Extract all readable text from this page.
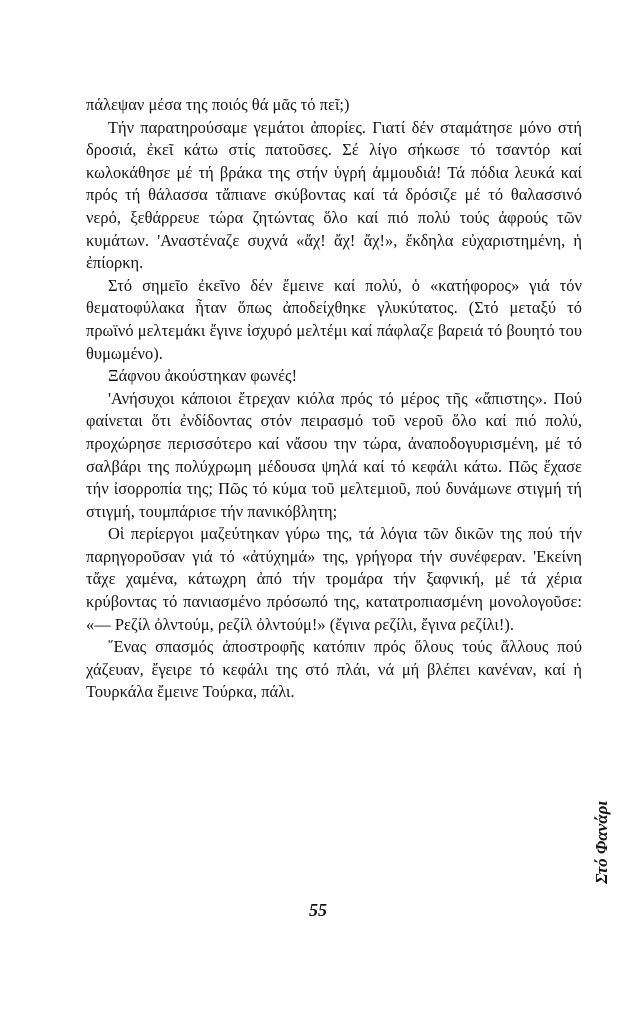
πάλεψαν μέσα της ποιός θά μᾶς τό πεῖ;)

Τήν παρατηρούσαμε γεμάτοι ἀπορίες. Γιατί δέν σταμάτησε μόνο στή δροσιά, ἐκεῖ κάτω στίς πατοῦσες. Σέ λίγο σήκωσε τό τσαντόρ καί κωλοκάθησε μέ τή βράκα της στήν ὑγρή ἀμμουδιά! Τά πόδια λευκά καί πρός τή θάλασσα τἄπιανε σκύβοντας καί τά δρόσιζε μέ τό θαλασσινό νερό, ξεθάρρευε τώρα ζητώντας ὅλο καί πιό πολύ τούς ἀφρούς τῶν κυμάτων. 'Αναστέναζε συχνά «ἄχ! ἄχ! ἄχ!», ἔκδηλα εὐχαριστημένη, ἡ ἐπίορκη.

Στό σημεῖο ἐκεῖνο δέν ἔμεινε καί πολύ, ὁ «κατήφορος» γιά τόν θεματοφύλακα ἦταν ὅπως ἀποδείχθηκε γλυκύτατος. (Στό μεταξύ τό πρωϊνό μελτεμάκι ἔγινε ἰσχυρό μελτέμι καί πάφλαζε βαρειά τό βουητό του θυμωμένο).

Ξάφνου ἀκούστηκαν φωνές!

'Ανήσυχοι κάποιοι ἔτρεχαν κιόλα πρός τό μέρος τῆς «ἄπιστης». Πού φαίνεται ὅτι ἐνδίδοντας στόν πειρασμό τοῦ νεροῦ ὅλο καί πιό πολύ, προχώρησε περισσότερο καί νἄσου την τώρα, ἀναποδογυρισμένη, μέ τό σαλβάρι της πολύχρωμη μέδουσα ψηλά καί τό κεφάλι κάτω. Πῶς ἔχασε τήν ἰσορροπία της; Πῶς τό κύμα τοῦ μελτεμιοῦ, πού δυνάμωνε στιγμή τή στιγμή, τουμπάρισε τήν πανικόβλητη;

Οἱ περίεργοι μαζεύτηκαν γύρω της, τά λόγια τῶν δικῶν της πού τήν παρηγοροῦσαν γιά τό «ἀτύχημά» της, γρήγορα τήν συνέφεραν. 'Εκείνη τἄχε χαμένα, κάτωχρη ἀπό τήν τρομάρα τήν ξαφνική, μέ τά χέρια κρύβοντας τό πανιασμένο πρόσωπό της, κατατροπιασμένη μονολογοῦσε: «— Ρεζίλ ὀλντούμ, ρεζίλ ὀλντούμ!» (ἔγινα ρεζίλι, ἔγινα ρεζίλι!).

῞Ενας σπασμός ἀποστροφῆς κατόπιν πρός ὅλους τούς ἄλλους πού χάζευαν, ἔγειρε τό κεφάλι της στό πλάι, νά μή βλέπει κανέναν, καί ἡ Τουρκάλα ἔμεινε Τούρκα, πάλι.

Στό Φανάρι
55
